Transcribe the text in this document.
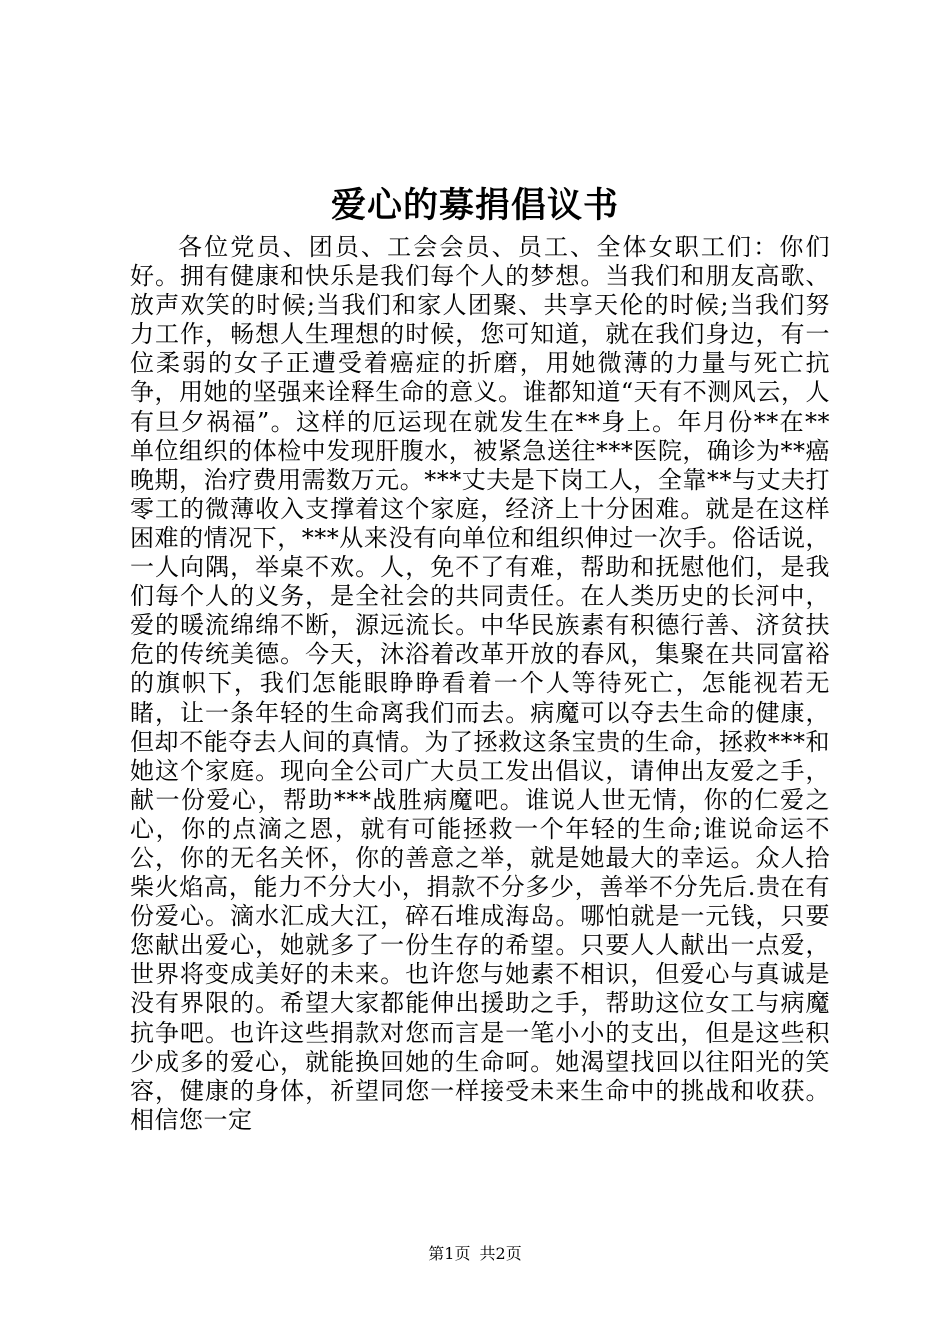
爱心的募捐倡议书

各位党员、团员、工会会员、员工、全体女职工们：你们好。拥有健康和快乐是我们每个人的梦想。当我们和朋友高歌、放声欢笑的时候;当我们和家人团聚、共享天伦的时候;当我们努力工作，畅想人生理想的时候，您可知道，就在我们身边，有一位柔弱的女子正遭受着癌症的折磨，用她微薄的力量与死亡抗争，用她的坚强来诠释生命的意义。谁都知道“天有不测风云，人有旦夕祸福”。这样的厄运现在就发生在**身上。年月份**在**单位组织的体检中发现肝腹水，被紧急送往***医院，确诊为**癌晚期，治疗费用需数万元。***丈夫是下岗工人，全靠**与丈夫打零工的微薄收入支撑着这个家庭，经济上十分困难。就是在这样困难的情况下，***从来没有向单位和组织伸过一次手。俗话说，一人向隅，举桌不欢。人，免不了有难，帮助和抚慰他们，是我们每个人的义务，是全社会的共同责任。在人类历史的长河中，爱的暖流绵绵不断，源远流长。中华民族素有积德行善、济贫扶危的传统美德。今天，沐浴着改革开放的春风，集聚在共同富裕的旗帜下，我们怎能眼睁睁看着一个人等待死亡，怎能视若无睹，让一条年轻的生命离我们而去。病魔可以夺去生命的健康，但却不能夺去人间的真情。为了拯救这条宝贵的生命，拯救***和她这个家庭。现向全公司广大员工发出倡议，请伸出友爱之手，献一份爱心，帮助***战胜病魔吧。谁说人世无情，你的仁爱之心，你的点滴之恩，就有可能拯救一个年轻的生命;谁说命运不公，你的无名关怀，你的善意之举，就是她最大的幸运。众人拾柴火焰高，能力不分大小，捐款不分多少，善举不分先后.贵在有份爱心。滴水汇成大江，碎石堆成海岛。哪怕就是一元钱，只要您献出爱心，她就多了一份生存的希望。只要人人献出一点爱，世界将变成美好的未来。也许您与她素不相识，但爱心与真诚是没有界限的。希望大家都能伸出援助之手，帮助这位女工与病魔抗争吧。也许这些捐款对您而言是一笔小小的支出，但是这些积少成多的爱心，就能换回她的生命呵。她渴望找回以往阳光的笑容，健康的身体，祈望同您一样接受未来生命中的挑战和收获。相信您一定

第1页 共2页
